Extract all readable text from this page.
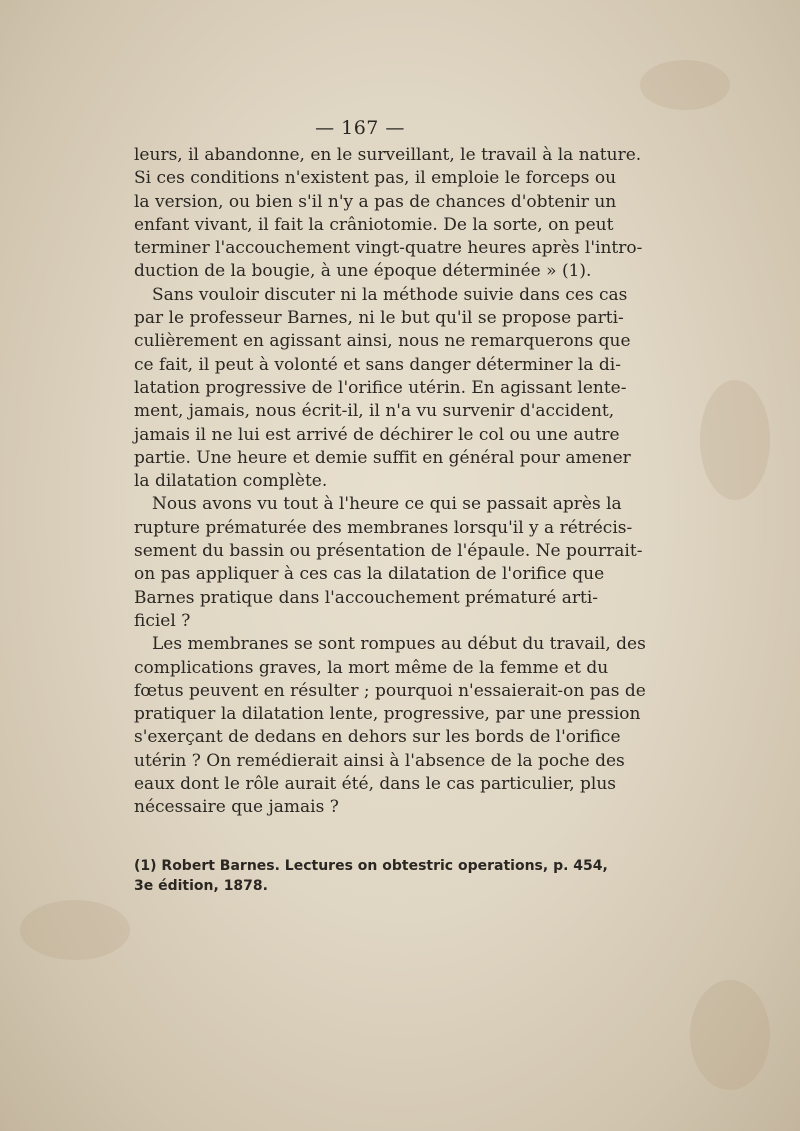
— 167 —
leurs, il abandonne, en le surveillant, le travail à la nature.
Si ces conditions n'existent pas, il emploie le forceps ou
la version, ou bien s'il n'y a pas de chances d'obtenir un
enfant vivant, il fait la crâniotomie. De la sorte, on peut
terminer l'accouchement vingt-quatre heures après l'intro-
duction de la bougie, à une époque déterminée » (1).
Sans vouloir discuter ni la méthode suivie dans ces cas
par le professeur Barnes, ni le but qu'il se propose parti-
culièrement en agissant ainsi, nous ne remarquerons que
ce fait, il peut à volonté et sans danger déterminer la di-
latation progressive de l'orifice utérin. En agissant lente-
ment, jamais, nous écrit-il, il n'a vu survenir d'accident,
jamais il ne lui est arrivé de déchirer le col ou une autre
partie. Une heure et demie suffit en général pour amener
la dilatation complète.
Nous avons vu tout à l'heure ce qui se passait après la
rupture prématurée des membranes lorsqu'il y a rétrécis-
sement du bassin ou présentation de l'épaule. Ne pourrait-
on pas appliquer à ces cas la dilatation de l'orifice que
Barnes pratique dans l'accouchement prématuré arti-
ficiel ?
Les membranes se sont rompues au début du travail, des
complications graves, la mort même de la femme et du
fœtus peuvent en résulter ; pourquoi n'essaierait-on pas de
pratiquer la dilatation lente, progressive, par une pression
s'exerçant de dedans en dehors sur les bords de l'orifice
utérin ? On remédierait ainsi à l'absence de la poche des
eaux dont le rôle aurait été, dans le cas particulier, plus
nécessaire que jamais ?
(1) Robert Barnes. Lectures on obtestric operations, p. 454,
3e édition, 1878.
